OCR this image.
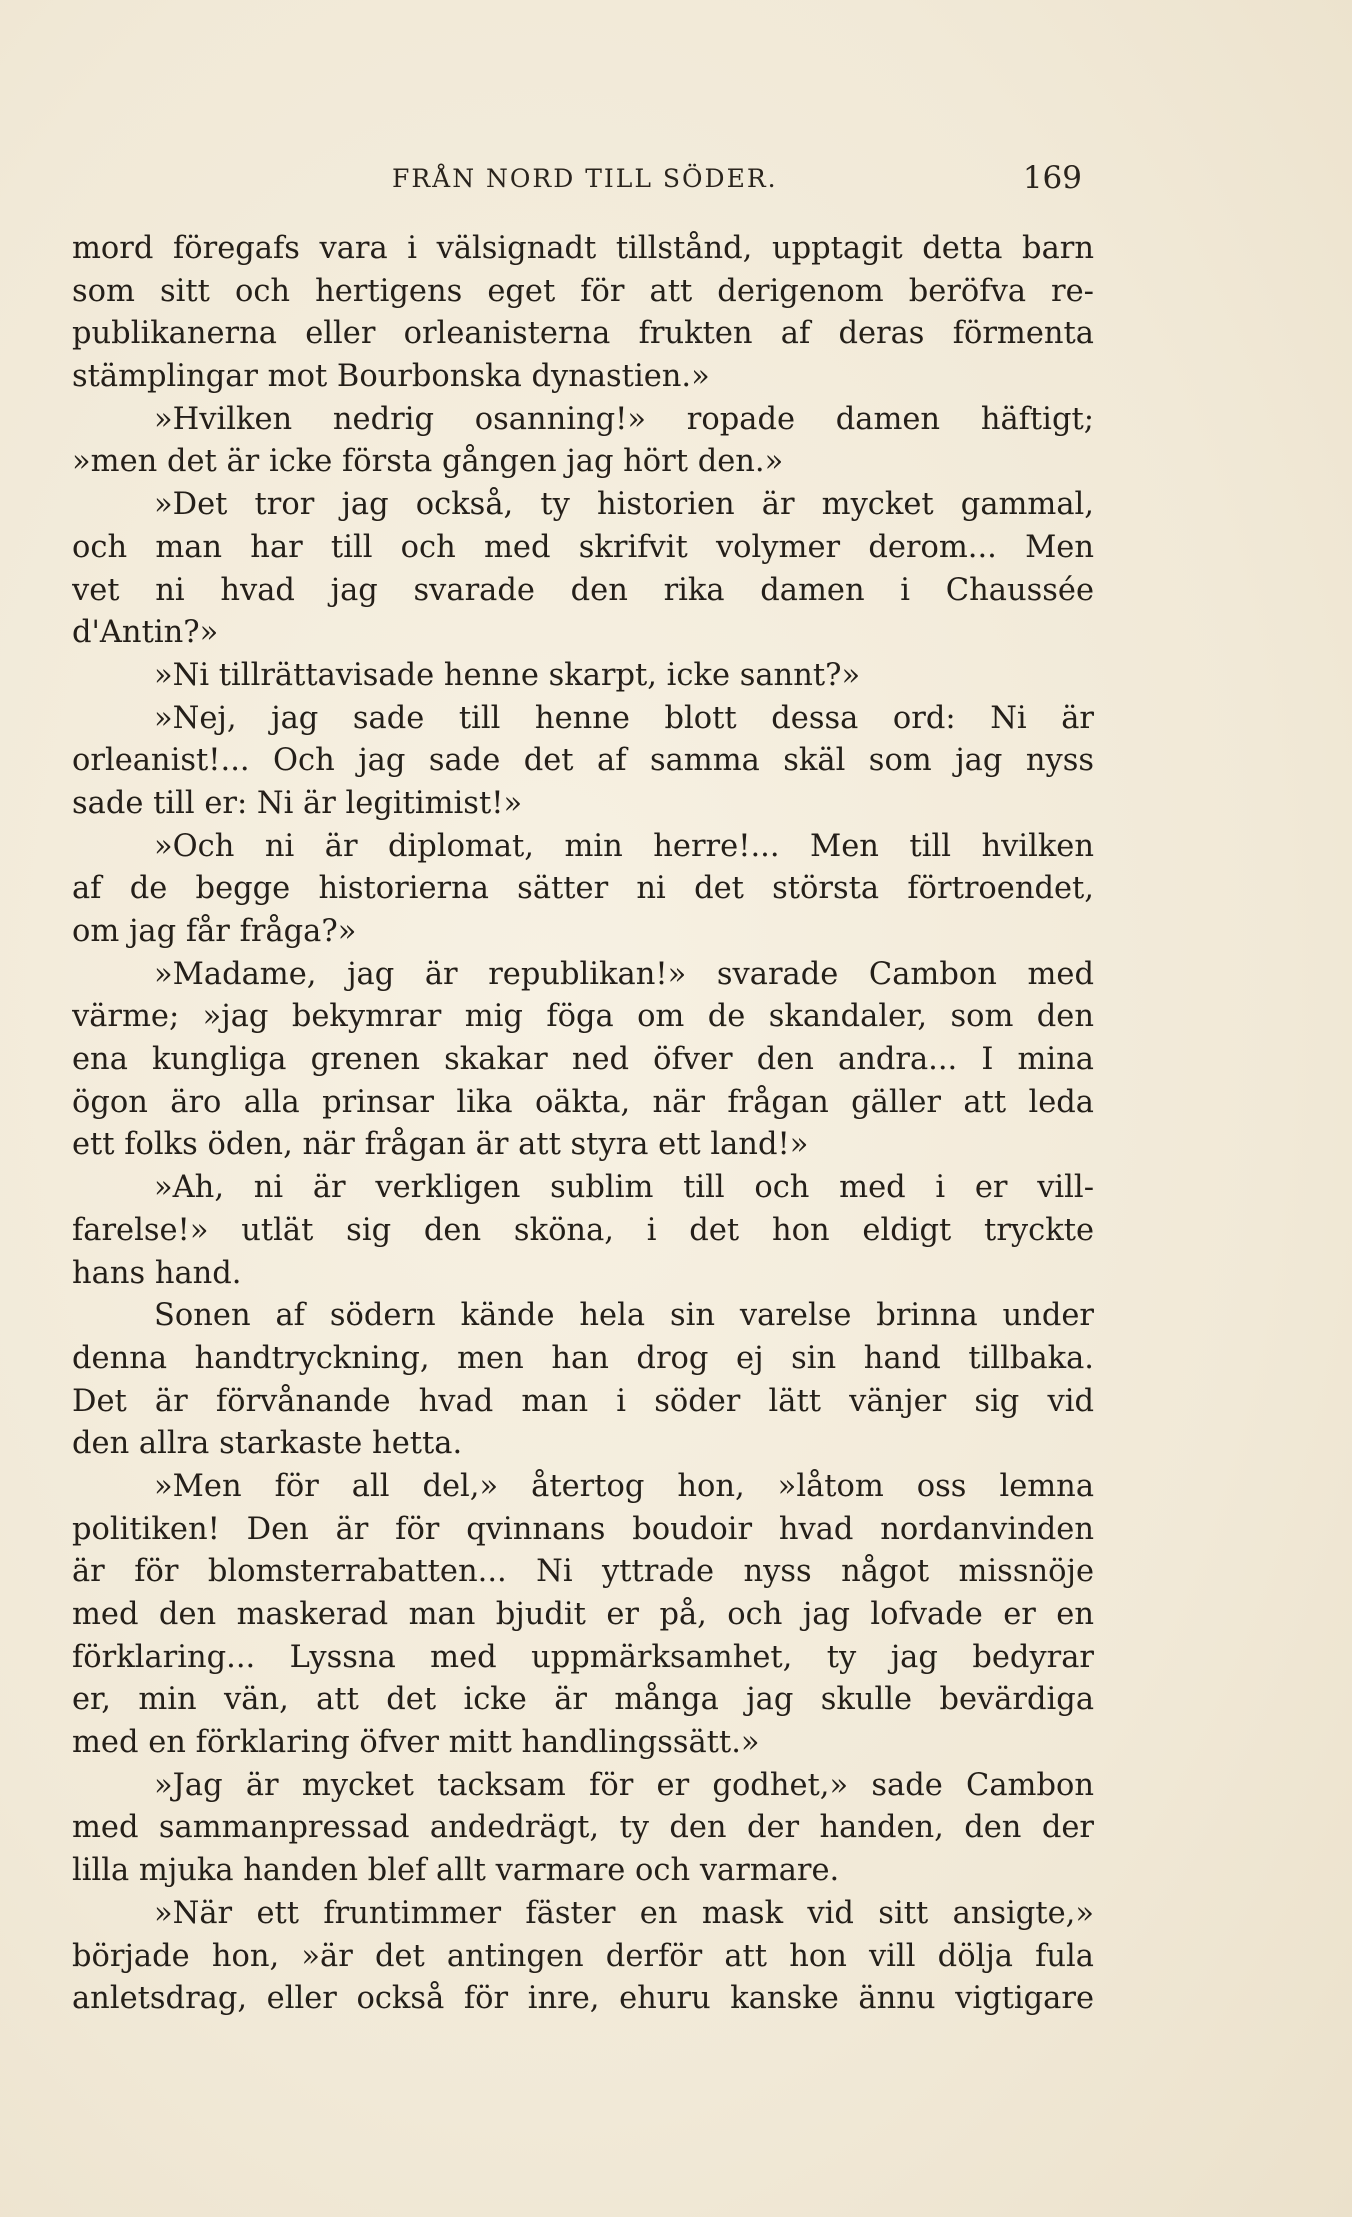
FRÅN NORD TILL SÖDER.	169
mord föregafs vara i välsignadt tillstånd, upptagit detta barn
som sitt och hertigens eget för att derigenom beröfva re-
publikanerna eller orleanisterna frukten af deras förmenta
stämplingar mot Bourbonska dynastien.»
»Hvilken nedrig osanning!» ropade damen häftigt;
»men det är icke första gången jag hört den.»
»Det tror jag också, ty historien är mycket gammal,
och man har till och med skrifvit volymer derom... Men
vet ni hvad jag svarade den rika damen i Chaussée
d'Antin?»
»Ni tillrättavisade henne skarpt, icke sannt?»
»Nej, jag sade till henne blott dessa ord: Ni är
orleanist!... Och jag sade det af samma skäl som jag nyss
sade till er: Ni är legitimist!»
»Och ni är diplomat, min herre!... Men till hvilken
af de begge historierna sätter ni det största förtroendet,
om jag får fråga?»
»Madame, jag är republikan!» svarade Cambon med
värme; »jag bekymrar mig föga om de skandaler, som den
ena kungliga grenen skakar ned öfver den andra... I mina
ögon äro alla prinsar lika oäkta, när frågan gäller att leda
ett folks öden, när frågan är att styra ett land!»
»Ah, ni är verkligen sublim till och med i er vill-
farelse!» utlät sig den sköna, i det hon eldigt tryckte
hans hand.
Sonen af södern kände hela sin varelse brinna under
denna handtryckning, men han drog ej sin hand tillbaka.
Det är förvånande hvad man i söder lätt vänjer sig vid
den allra starkaste hetta.
»Men för all del,» återtog hon, »låtom oss lemna
politiken! Den är för qvinnans boudoir hvad nordanvinden
är för blomsterrabatten... Ni yttrade nyss något missnöje
med den maskerad man bjudit er på, och jag lofvade er en
förklaring... Lyssna med uppmärksamhet, ty jag bedyrar
er, min vän, att det icke är många jag skulle bevärdiga
med en förklaring öfver mitt handlingssätt.»
»Jag är mycket tacksam för er godhet,» sade Cambon
med sammanpressad andedrägt, ty den der handen, den der
lilla mjuka handen blef allt varmare och varmare.
»När ett fruntimmer fäster en mask vid sitt ansigte,»
började hon, »är det antingen derför att hon vill dölja fula
anletsdrag, eller också för inre, ehuru kanske ännu vigtigare
